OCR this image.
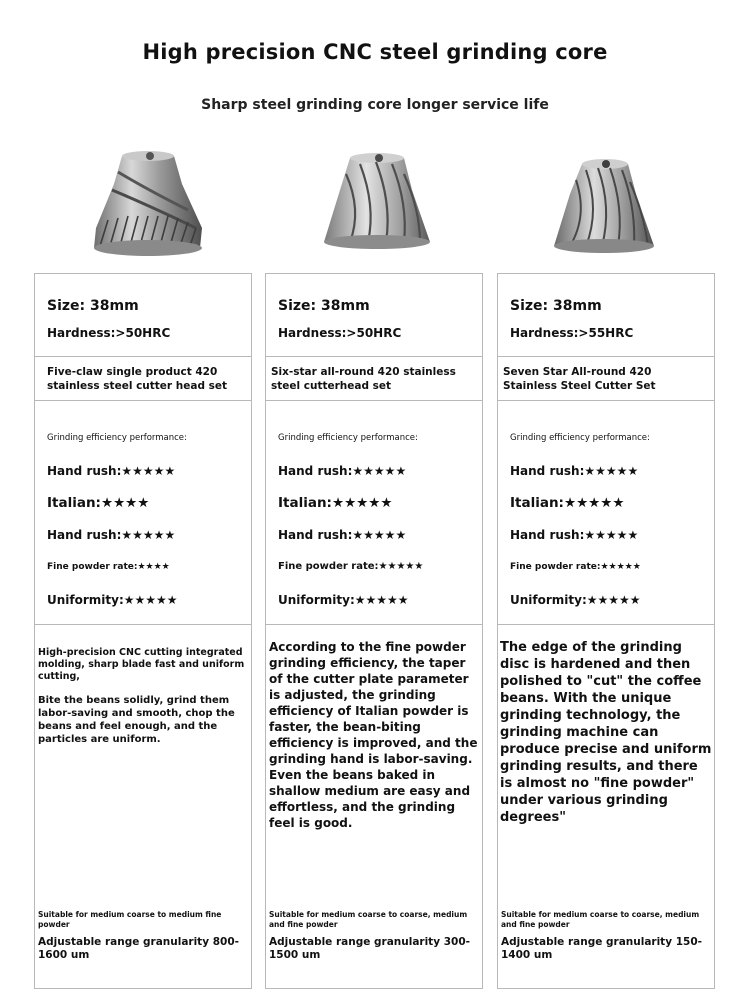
High precision CNC steel grinding core
Sharp steel grinding core longer service life
Size: 38mm
Hardness:>50HRC
Five-claw single product 420 stainless steel cutter head set
Grinding efficiency performance:
Hand rush:★★★★★
Italian:★★★★
Hand rush:★★★★★
Fine powder rate:★★★★
Uniformity:★★★★★
High-precision CNC cutting integrated molding, sharp blade fast and uniform cutting,
Bite the beans solidly, grind them labor-saving and smooth, chop the beans and feel enough, and the particles are uniform.
Suitable for medium coarse to medium fine powder
Adjustable range granularity 800-1600 um
Size: 38mm
Hardness:>50HRC
Six-star all-round 420 stainless steel cutterhead set
Grinding efficiency performance:
Hand rush:★★★★★
Italian:★★★★★
Hand rush:★★★★★
Fine powder rate:★★★★★
Uniformity:★★★★★
According to the fine powder grinding efficiency, the taper of the cutter plate parameter is adjusted, the grinding efficiency of Italian powder is faster, the bean-biting efficiency is improved, and the grinding hand is labor-saving. Even the beans baked in shallow medium are easy and effortless, and the grinding feel is good.
Suitable for medium coarse to coarse, medium and fine powder
Adjustable range granularity 300-1500 um
Size: 38mm
Hardness:>55HRC
Seven Star All-round 420 Stainless Steel Cutter Set
Grinding efficiency performance:
Hand rush:★★★★★
Italian:★★★★★
Hand rush:★★★★★
Fine powder rate:★★★★★
Uniformity:★★★★★
The edge of the grinding disc is hardened and then polished to "cut" the coffee beans. With the unique grinding technology, the grinding machine can produce precise and uniform grinding results, and there is almost no "fine powder" under various grinding degrees"
Suitable for medium coarse to coarse, medium and fine powder
Adjustable range granularity 150-1400 um
